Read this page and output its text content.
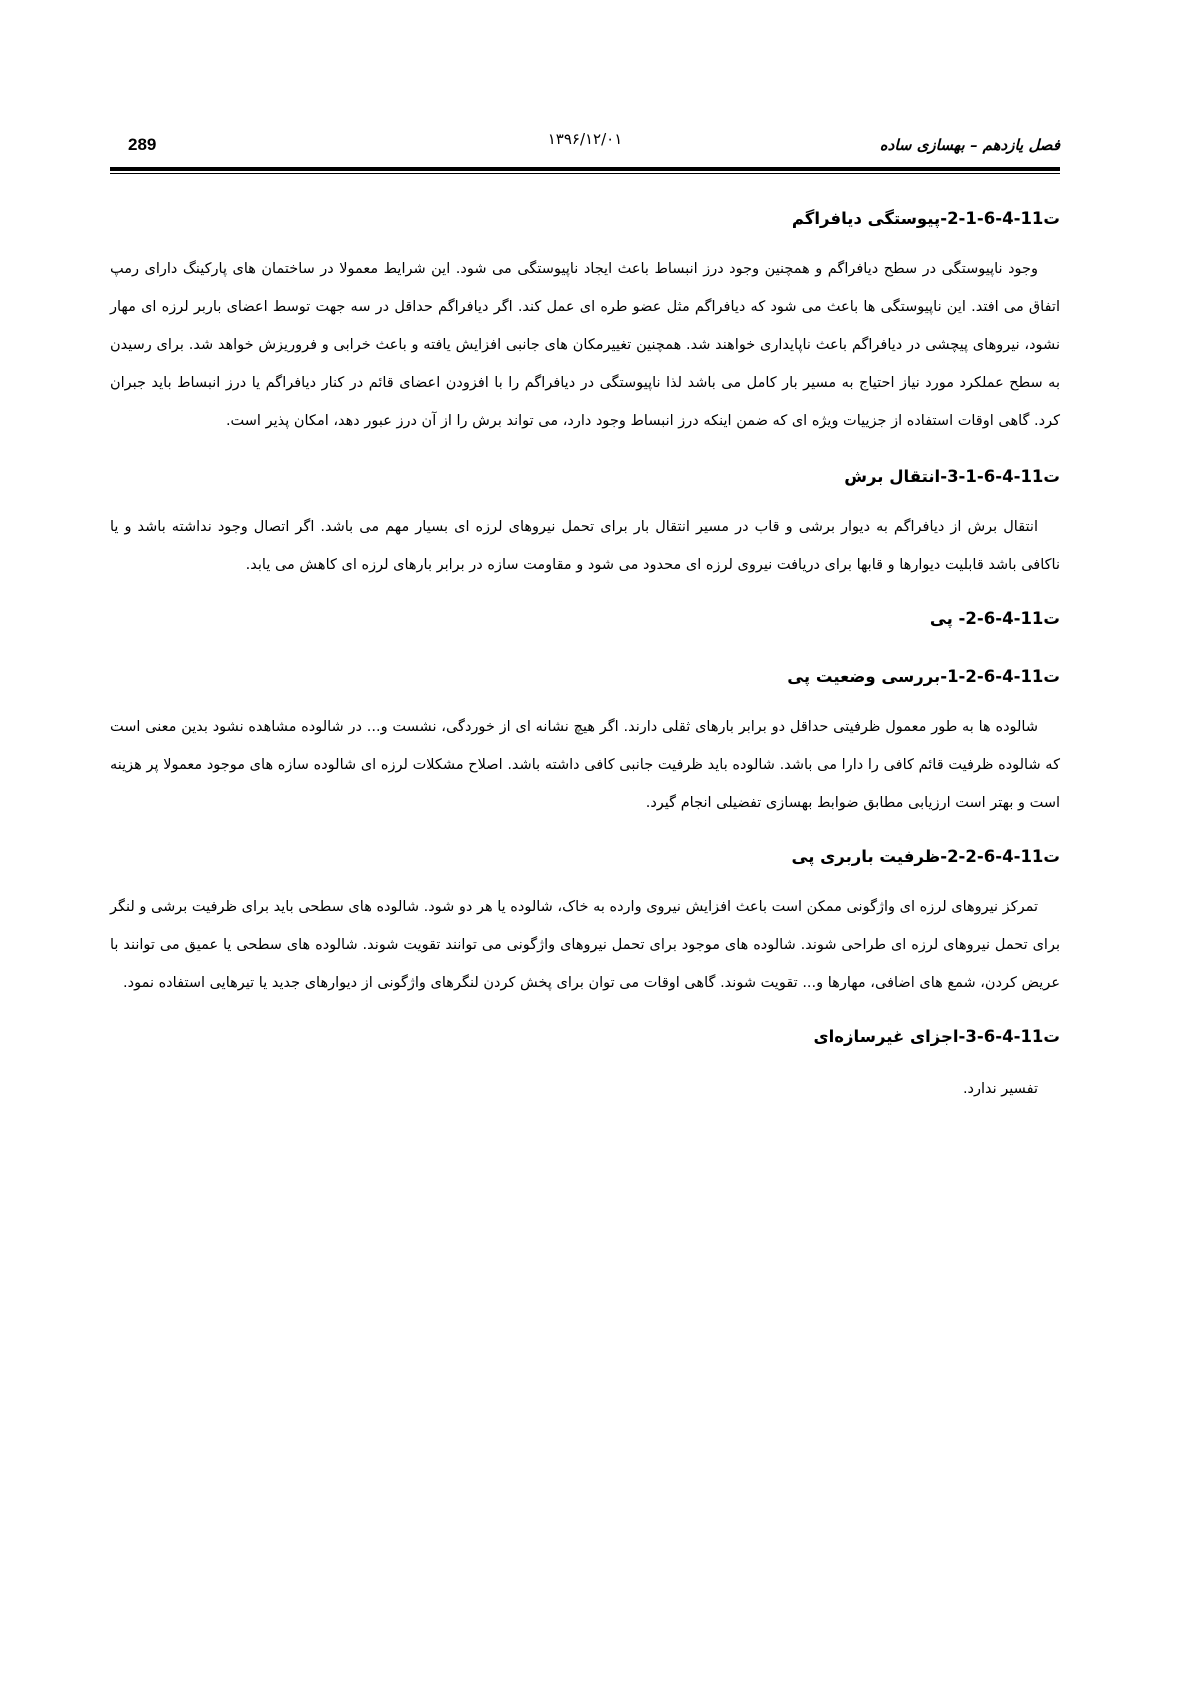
289	۱۳۹۶/۱۲/۰۱	فصل یازدهم – بهسازی ساده
ت11-4-6-1-2-پیوستگی دیافراگم

وجود ناپیوستگی در سطح دیافراگم و همچنین وجود درز انبساط باعث ایجاد ناپیوستگی می شود. این شرایط معمولا در ساختمان های پارکینگ دارای رمپ اتفاق می افتد. این ناپیوستگی ها باعث می شود که دیافراگم مثل عضو طره ای عمل کند. اگر دیافراگم حداقل در سه جهت توسط اعضای باربر لرزه ای مهار نشود، نیروهای پیچشی در دیافراگم باعث ناپایداری خواهند شد. همچنین تغییرمکان های جانبی افزایش یافته و باعث خرابی و فروریزش خواهد شد. برای رسیدن به سطح عملکرد مورد نیاز احتیاج به مسیر بار کامل می باشد لذا ناپیوستگی در دیافراگم را با افزودن اعضای قائم در کنار دیافراگم یا درز انبساط باید جبران کرد. گاهی اوقات استفاده از جزییات ویژه ای که ضمن اینکه درز انبساط وجود دارد، می تواند برش را از آن درز عبور دهد، امکان پذیر است.

ت11-4-6-1-3-انتقال برش

انتقال برش از دیافراگم به دیوار برشی و قاب در مسیر انتقال بار برای تحمل نیروهای لرزه ای بسیار مهم می باشد. اگر اتصال وجود نداشته باشد و یا ناکافی باشد قابلیت دیوارها و قابها برای دریافت نیروی لرزه ای محدود می شود و مقاومت سازه در برابر بارهای لرزه ای کاهش می یابد.

ت11-4-6-2- پی
ت11-4-6-2-1-بررسی وضعیت پی

شالوده ها به طور معمول ظرفیتی حداقل دو برابر بارهای ثقلی دارند. اگر هیچ نشانه ای از خوردگی، نشست و... در شالوده مشاهده نشود بدین معنی است که شالوده ظرفیت قائم کافی را دارا می باشد. شالوده باید ظرفیت جانبی کافی داشته باشد. اصلاح مشکلات لرزه ای شالوده سازه های موجود معمولا پر هزینه است و بهتر است ارزیابی مطابق ضوابط بهسازی تفضیلی انجام گیرد.

ت11-4-6-2-2-ظرفیت باربری پی

تمرکز نیروهای لرزه ای واژگونی ممکن است باعث افزایش نیروی وارده به خاک، شالوده یا هر دو شود. شالوده های سطحی باید برای ظرفیت برشی و لنگر برای تحمل نیروهای لرزه ای طراحی شوند. شالوده های موجود برای تحمل نیروهای واژگونی می توانند تقویت شوند. شالوده های سطحی یا عمیق می توانند با عریض کردن، شمع های اضافی، مهارها و... تقویت شوند. گاهی اوقات می توان برای پخش کردن لنگرهای واژگونی از دیوارهای جدید یا تیرهایی استفاده نمود.

ت11-4-6-3-اجزای غیرسازه‌ای

تفسیر ندارد.
